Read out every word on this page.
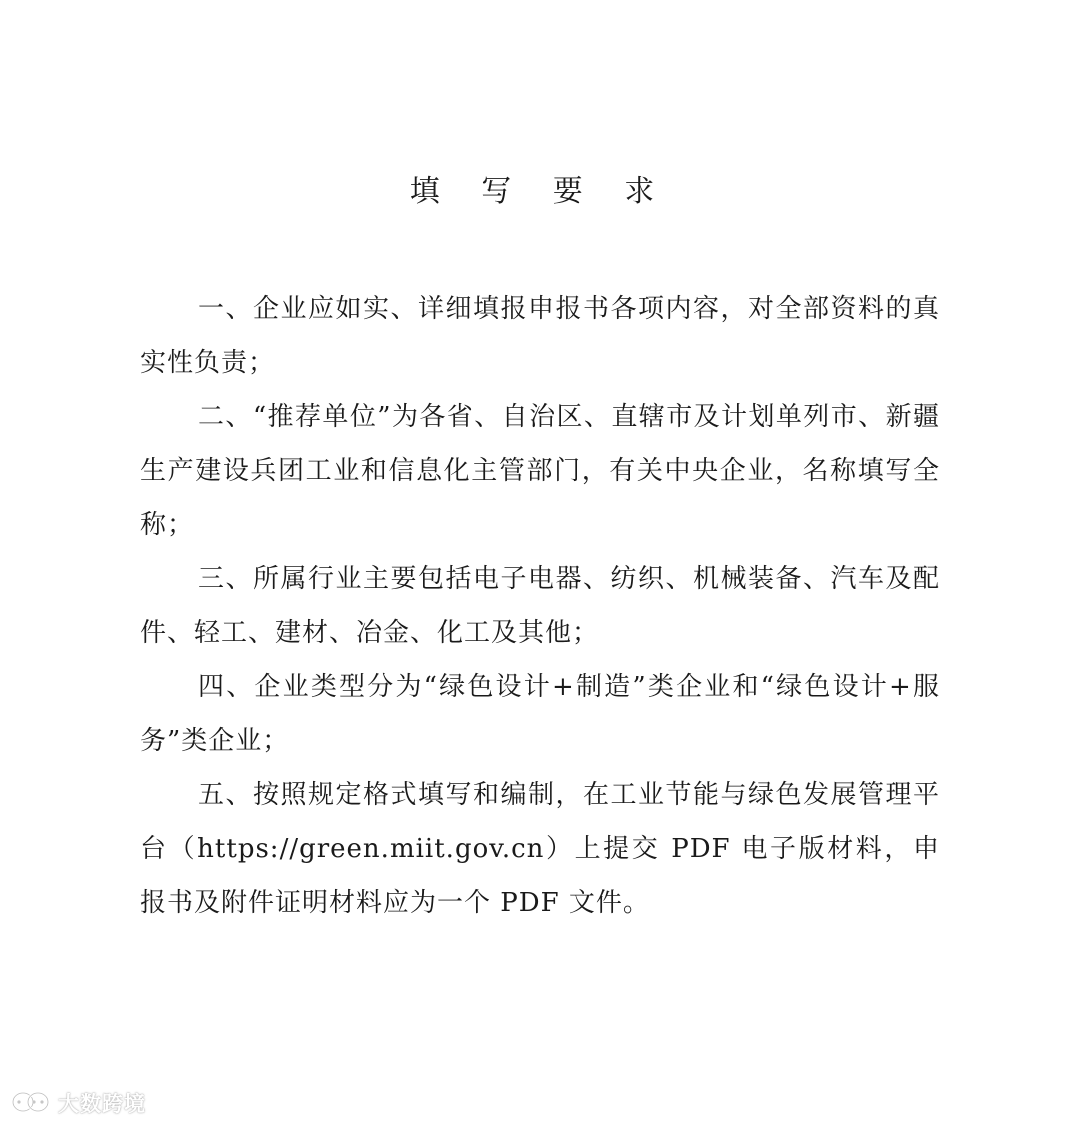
填 写 要 求

一、企业应如实、详细填报申报书各项内容，对全部资料的真实性负责；

二、“推荐单位”为各省、自治区、直辖市及计划单列市、新疆生产建设兵团工业和信息化主管部门，有关中央企业，名称填写全称；

三、所属行业主要包括电子电器、纺织、机械装备、汽车及配件、轻工、建材、冶金、化工及其他；

四、企业类型分为“绿色设计+制造”类企业和“绿色设计+服务”类企业；

五、按照规定格式填写和编制，在工业节能与绿色发展管理平台（https://green.miit.gov.cn）上提交 PDF 电子版材料，申报书及附件证明材料应为一个 PDF 文件。

大数跨境
